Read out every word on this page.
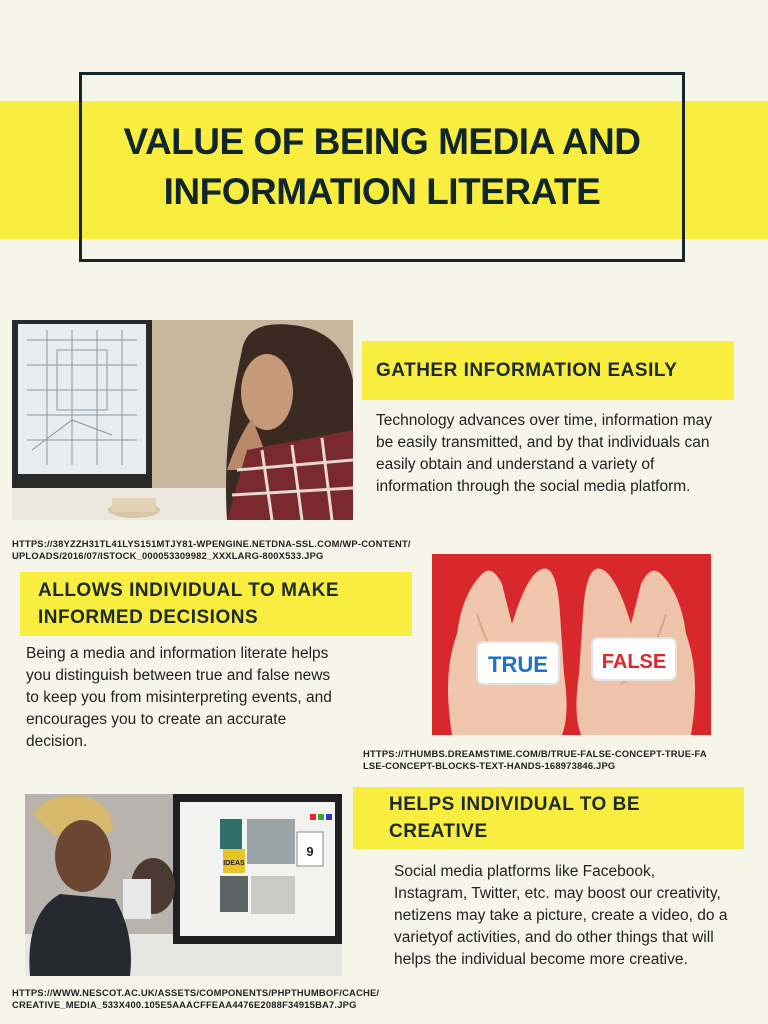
VALUE OF BEING MEDIA AND INFORMATION LITERATE
GATHER INFORMATION EASILY

Technology advances over time, information may be easily transmitted, and by that individuals can easily obtain and understand a variety of information through the social media platform.

HTTPS://38YZZH31TL41LYS151MTJY81-WPENGINE.NETDNA-SSL.COM/WP-CONTENT/UPLOADS/2016/07/ISTOCK_000053309982_XXXLARG-800X533.JPG

ALLOWS INDIVIDUAL TO MAKE INFORMED DECISIONS

Being a media and information literate helps you distinguish between true and false news to keep you from misinterpreting events, and encourages you to create an accurate decision.

TRUE	FALSE

HTTPS://THUMBS.DREAMSTIME.COM/B/TRUE-FALSE-CONCEPT-TRUE-FALSE-CONCEPT-BLOCKS-TEXT-HANDS-168973846.JPG

IDEAS
9
HELPS INDIVIDUAL TO BE CREATIVE

Social media platforms like Facebook, Instagram, Twitter, etc. may boost our creativity, netizens may take a picture, create a video, do a varietyof activities, and do other things that will helps the individual become more creative.

HTTPS://WWW.NESCOT.AC.UK/ASSETS/COMPONENTS/PHPTHUMBOF/CACHE/CREATIVE_MEDIA_533X400.105E5AAACFFEAA4476E2088F34915BA7.JPG
